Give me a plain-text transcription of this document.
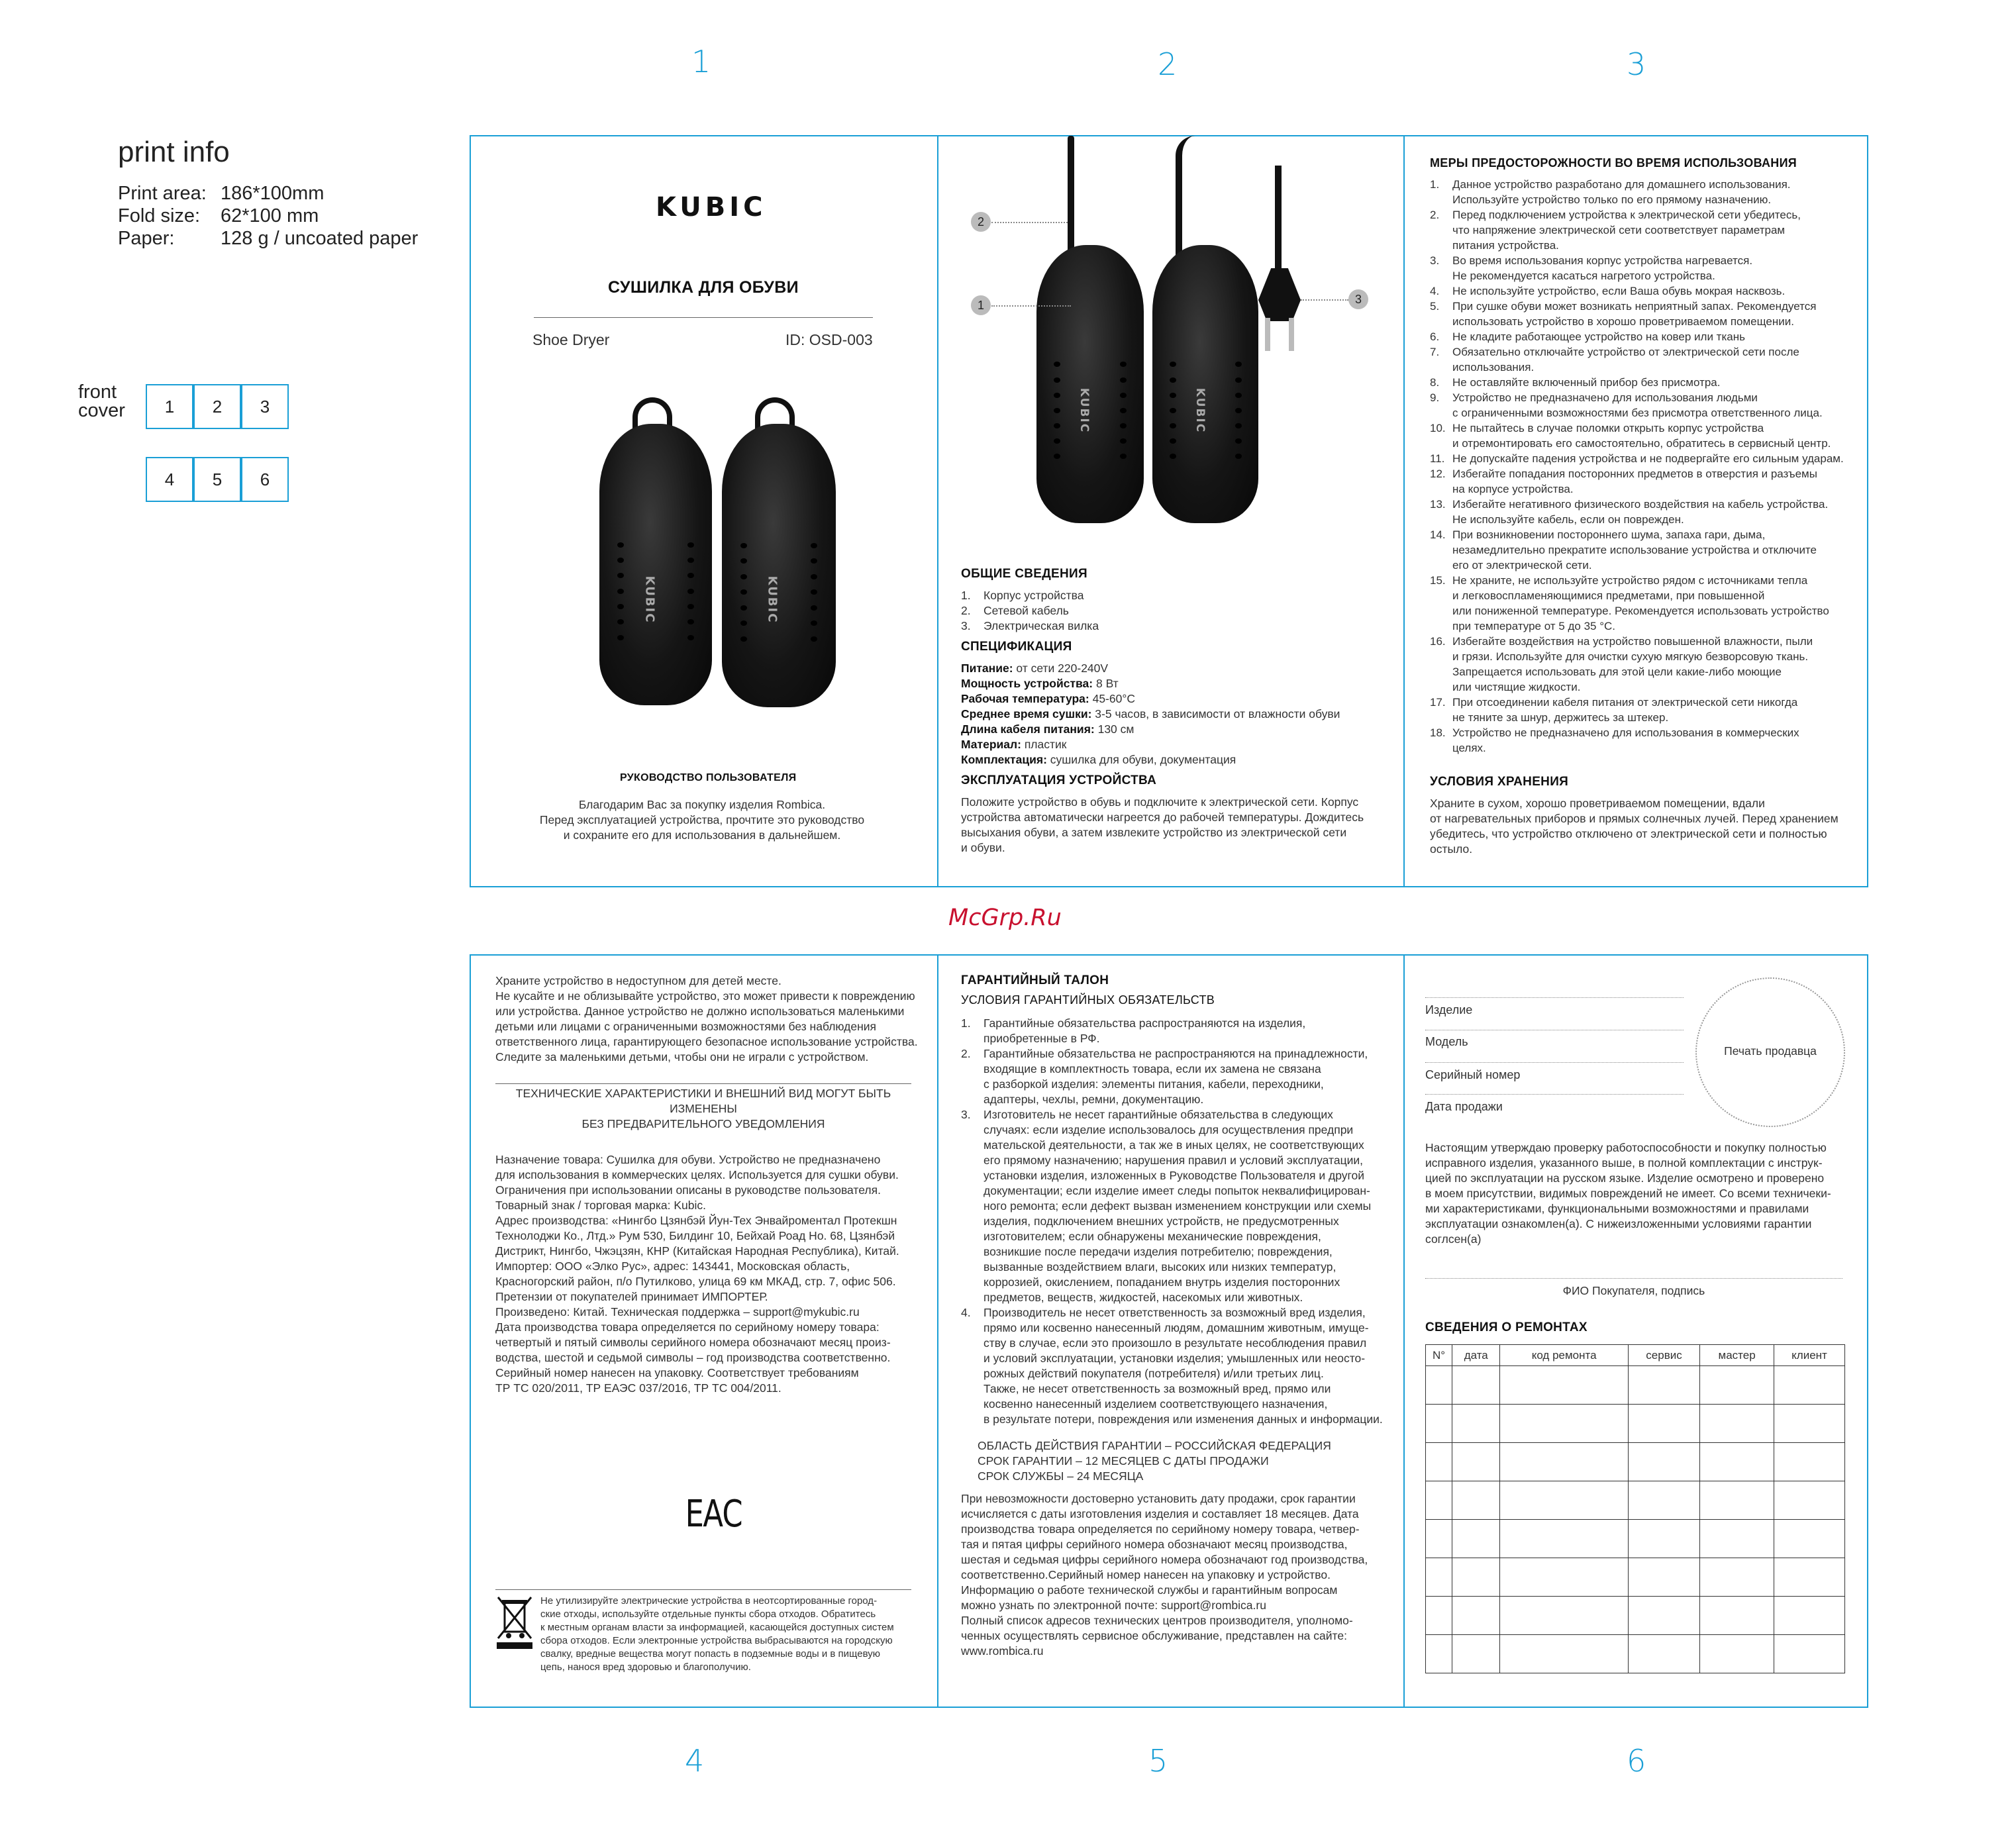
1	2	3
4	5	6
print info
Print area: 186*100mm
Fold size: 62*100 mm
Paper: 128 g / uncoated paper
front
cover	1	2	3
4	5	6
KUBIC
СУШИЛКА ДЛЯ ОБУВИ
Shoe Dryer	ID: OSD-003
KUBIC	KUBIC
РУКОВОДСТВО ПОЛЬЗОВАТЕЛЯ

Благодарим Вас за покупку изделия Rombica.

Перед эксплуатацией устройства, прочтите это руководство

и сохраните его для использования в дальнейшем.

KUBIC	KUBIC
2
1	3
ОБЩИЕ СВЕДЕНИЯ
1. Корпус устройства
2. Сетевой кабель
3. Электрическая вилка
СПЕЦИФИКАЦИЯ

Питание: от сети 220-240V

Мощность устройства: 8 Вт

Рабочая температура: 45-60°С

Среднее время сушки: 3-5 часов, в зависимости от влажности обуви

Длина кабеля питания: 130 см

Материал: пластик

Комплектация: сушилка для обуви, документация

ЭКСПЛУАТАЦИЯ УСТРОЙСТВА

Положите устройство в обувь и подключите к электрической сети. Корпус

устройства автоматически нагреется до рабочей температуры. Дождитесь

высыхания обуви, а затем извлеките устройство из электрической сети

и обуви.

МЕРЫ ПРЕДОСТОРОЖНОСТИ ВО ВРЕМЯ ИСПОЛЬЗОВАНИЯ
1. Данное устройство разработано для домашнего использования.
Используйте устройство только по его прямому назначению.
2. Перед подключением устройства к электрической сети убедитесь,
что напряжение электрической сети соответствует параметрам
питания устройства.
3. Во время использования корпус устройства нагревается.
Не рекомендуется касаться нагретого устройства.
4. Не используйте устройство, если Ваша обувь мокрая насквозь.
5. При сушке обуви может возникать неприятный запах. Рекомендуется
использовать устройство в хорошо проветриваемом помещении.
6. Не кладите работающее устройство на ковер или ткань
7. Обязательно отключайте устройство от электрической сети после
использования.
8. Не оставляйте включенный прибор без присмотра.
9. Устройство не предназначено для использования людьми
с ограниченными возможностями без присмотра ответственного лица.
10. Не пытайтесь в случае поломки открыть корпус устройства
и отремонтировать его самостоятельно, обратитесь в сервисный центр.
11. Не допускайте падения устройства и не подвергайте его сильным ударам.
12. Избегайте попадания посторонних предметов в отверстия и разъемы
на корпусе устройства.
13. Избегайте негативного физического воздействия на кабель устройства.
Не используйте кабель, если он поврежден.
14. При возникновении постороннего шума, запаха гари, дыма,
незамедлительно прекратите использование устройства и отключите
его от электрической сети.
15. Не храните, не используйте устройство рядом с источниками тепла
и легковоспламеняющимися предметами, при повышенной
или пониженной температуре. Рекомендуется использовать устройство
при температуре от 5 до 35 °С.
16. Избегайте воздействия на устройство повышенной влажности, пыли
и грязи. Используйте для очистки сухую мягкую безворсовую ткань.
Запрещается использовать для этой цели какие-либо моющие
или чистящие жидкости.
17. При отсоединении кабеля питания от электрической сети никогда
не тяните за шнур, держитесь за штекер.
18. Устройство не предназначено для использования в коммерческих
целях.
УСЛОВИЯ ХРАНЕНИЯ

Храните в сухом, хорошо проветриваемом помещении, вдали

от нагревательных приборов и прямых солнечных лучей. Перед хранением

убедитесь, что устройство отключено от электрической сети и полностью

остыло.

McGrp.Ru

Храните устройство в недоступном для детей месте.

Не кусайте и не облизывайте устройство, это может привести к повреждению

или устройства. Данное устройство не должно использоваться маленькими

детьми или лицами с ограниченными возможностями без наблюдения

ответственного лица, гарантирующего безопасное использование устройства.

Следите за маленькими детьми, чтобы они не играли с устройством.

ТЕХНИЧЕСКИЕ ХАРАКТЕРИСТИКИ И ВНЕШНИЙ ВИД МОГУТ БЫТЬ ИЗМЕНЕНЫ

БЕЗ ПРЕДВАРИТЕЛЬНОГО УВЕДОМЛЕНИЯ

Назначение товара: Сушилка для обуви. Устройство не предназначено

для использования в коммерческих целях. Используется для сушки обуви.

Ограничения при использовании описаны в руководстве пользователя.

Товарный знак / торговая марка: Kubic.

Адрес производства: «Нингбо Цзянбэй Йун-Тех Энвайроментал Протекшн

Технолоджи Ко., Лтд.» Рум 530, Билдинг 10, Бейхай Роад Но. 68, Цзянбэй

Дистрикт, Нингбо, Чжэцзян, КНР (Китайская Народная Республика), Китай.

Импортер: ООО «Элко Рус», адрес: 143441, Московская область,

Красногорский район, п/о Путилково, улица 69 км МКАД, стр. 7, офис 506.

Претензии от покупателей принимает ИМПОРТЕР.

Произведено: Китай. Техническая поддержка – support@mykubic.ru

Дата производства товара определяется по серийному номеру товара:

четвертый и пятый символы серийного номера обозначают месяц произ-

водства, шестой и седьмой символы – год производства соответственно.

Серийный номер нанесен на упаковку. Соответствует требованиям

ТР ТС 020/2011, ТР ЕАЭС 037/2016, ТР ТС 004/2011.

ЕАС

Не утилизируйте электрические устройства в неотсортированные город-

ские отходы, используйте отдельные пункты сбора отходов. Обратитесь

к местным органам власти за информацией, касающейся доступных систем

сбора отходов. Если электронные устройства выбрасываются на городскую

свалку, вредные вещества могут попасть в подземные воды и в пищевую

цепь, нанося вред здоровью и благополучию.

ГАРАНТИЙНЫЙ ТАЛОН
УСЛОВИЯ ГАРАНТИЙНЫХ ОБЯЗАТЕЛЬСТВ
1. Гарантийные обязательства распространяются на изделия,
приобретенные в РФ.
2. Гарантийные обязательства не распространяются на принадлежности,
входящие в комплектность товара, если их замена не связана
с разборкой изделия: элементы питания, кабели, переходники,
адаптеры, чехлы, ремни, документацию.
3. Изготовитель не несет гарантийные обязательства в следующих
случаях: если изделие использовалось для осуществления предпри
мательской деятельности, а так же в иных целях, не соответствующих
его прямому назначению; нарушения правил и условий эксплуатации,
установки изделия, изложенных в Руководстве Пользователя и другой
документации; если изделие имеет следы попыток неквалифицирован-
ного ремонта; если дефект вызван изменением конструкции или схемы
изделия, подключением внешних устройств, не предусмотренных
изготовителем; если обнаружены механические повреждения,
возникшие после передачи изделия потребителю; повреждения,
вызванные воздействием влаги, высоких или низких температур,
коррозией, окислением, попаданием внутрь изделия посторонних
предметов, веществ, жидкостей, насекомых или животных.
4. Производитель не несет ответственность за возможный вред изделия,
прямо или косвенно нанесенный людям, домашним животным, имуще-
ству в случае, если это произошло в результате несоблюдения правил
и условий эксплуатации, установки изделия; умышленных или неосто-
рожных действий покупателя (потребителя) и/или третьих лиц.
Также, не несет ответственность за возможный вред, прямо или
косвенно нанесенный изделием соответствующего назначения,
в результате потери, повреждения или изменения данных и информации.

ОБЛАСТЬ ДЕЙСТВИЯ ГАРАНТИИ – РОССИЙСКАЯ ФЕДЕРАЦИЯ

СРОК ГАРАНТИИ – 12 МЕСЯЦЕВ С ДАТЫ ПРОДАЖИ

СРОК СЛУЖБЫ – 24 МЕСЯЦА

При невозможности достоверно установить дату продажи, срок гарантии

исчисляется с даты изготовления изделия и составляет 18 месяцев. Дата

производства товара определяется по серийному номеру товара, четвер-

тая и пятая цифры серийного номера обозначают месяц производства,

шестая и седьмая цифры серийного номера обозначают год производства,

соответственно.Серийный номер нанесен на упаковку и устройство.

Информацию о работе технической службы и гарантийным вопросам

можно узнать по электронной почте: support@rombica.ru

Полный список адресов технических центров производителя, уполномо-

ченных осуществлять сервисное обслуживание, представлен на сайте:

www.rombica.ru

Изделие
Модель
Серийный номер
Дата продажи
Печать продавца

Настоящим утверждаю проверку работоспособности и покупку полностью

исправного изделия, указанного выше, в полной комплектации с инструк-

цией по эксплуатации на русском языке. Изделие осмотрено и проверено

в моем присутствии, видимых повреждений не имеет. Со всеми техничеки-

ми характеристиками, функциональными возможностями и правилами

эксплуатации ознакомлен(а). С нижеизложенными условиями гарантии

соглсен(а)

ФИО Покупателя, подпись
СВЕДЕНИЯ О РЕМОНТАХ
N°	дата	код ремонта	сервис	мастер	клиент
